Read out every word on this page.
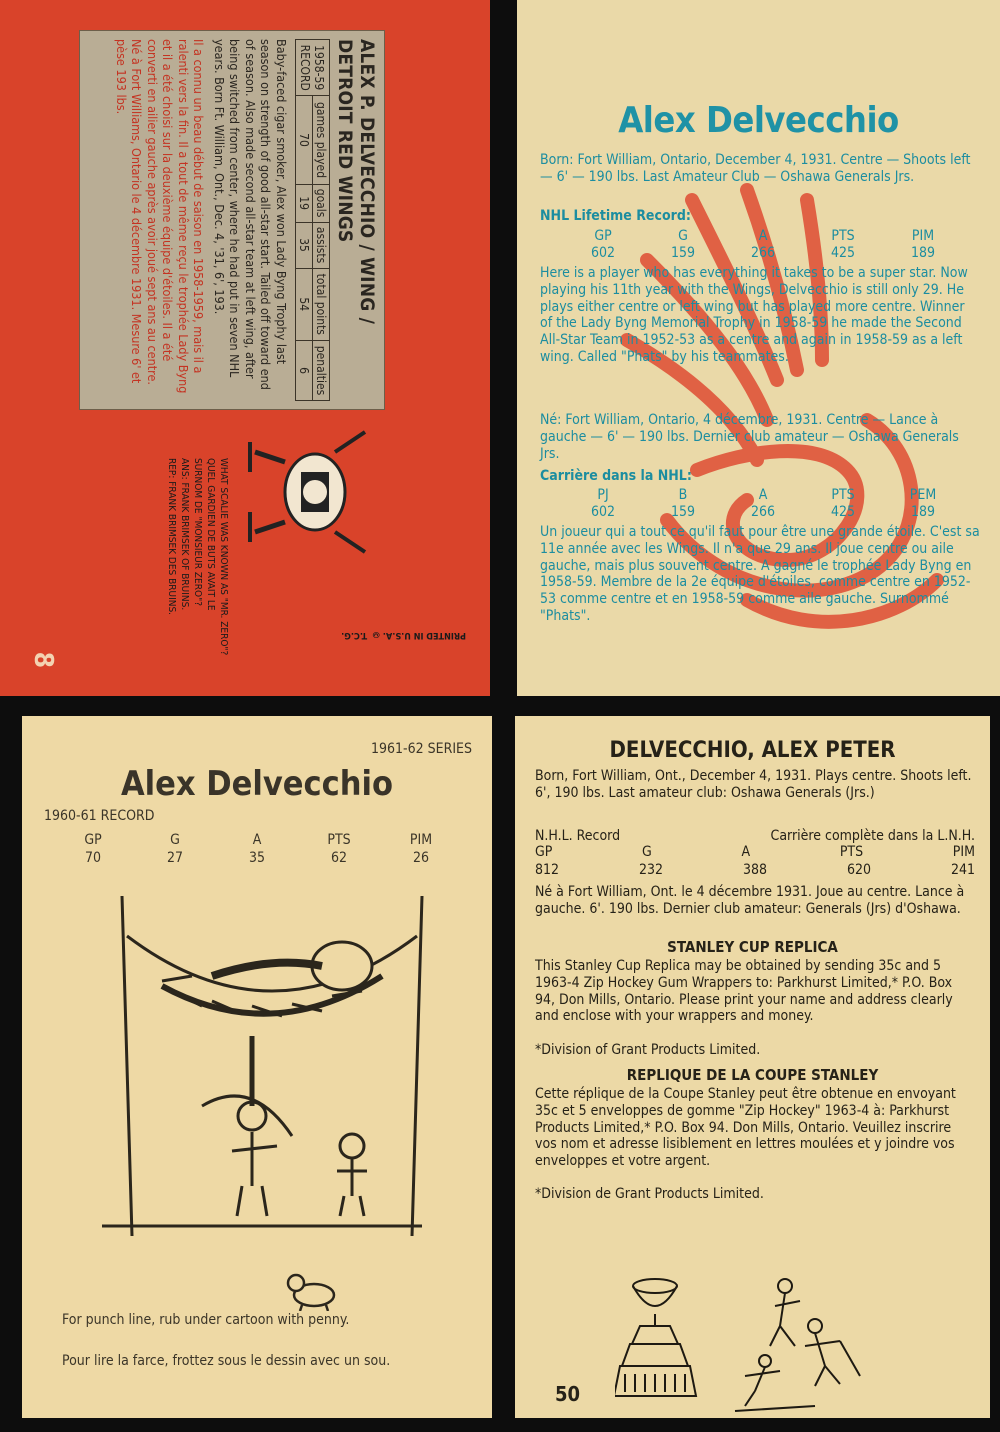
PRINTED IN U.S.A. © T.C.G.
ALEX P. DELVECCHIO / WING / DETROIT RED WINGS
1958-59
RECORD	games played	goals	assists	total points	penalties
	70	19	35	54	6
Baby-faced cigar smoker, Alex won Lady Byng Trophy last season on strength of good all-star start. Tailed off toward end of season. Also made second all-star team at left wing, after being switched from center, where he had put in seven NHL years. Born Ft. William, Ont., Dec. 4, '31, 6', 193.
Il a connu un beau début de saison en 1958-1959, mais il a ralenti vers la fin. Il a tout de même reçu le trophée Lady Byng et il a été choisi sur la deuxième équipe d'étoiles. Il a été converti en ailier gauche après avoir joué sept ans au centre. Né à Fort Williams, Ontario le 4 décembre 1931. Mesure 6' et pèse 193 lbs.
WHAT SCALIE WAS KNOWN AS "MR. ZERO"?
QUEL GARDIEN DE BUTS AVAIT LE
SURNOM DE "MONSIEUR ZERO"?
ANS: FRANK BRIMSEK OF BRUINS.
REP: FRANK BRIMSEK DES BRUINS.
8
Alex Delvecchio
Born: Fort William, Ontario, December 4, 1931. Centre — Shoots left — 6' — 190 lbs. Last Amateur Club — Oshawa Generals Jrs.
NHL Lifetime Record:
GP	G	A	PTS	PIM
602	159	266	425	189
Here is a player who has everything it takes to be a super star. Now playing his 11th year with the Wings, Delvecchio is still only 29. He plays either centre or left wing but has played more centre. Winner of the Lady Byng Memorial Trophy in 1958-59 he made the Second All-Star Team in 1952-53 as a centre and again in 1958-59 as a left wing. Called "Phats" by his teammates.
Né: Fort William, Ontario, 4 décembre, 1931. Centre — Lance à gauche — 6' — 190 lbs. Dernier club amateur — Oshawa Generals Jrs.
Carrière dans la NHL:
PJ	B	A	PTS	PEM
602	159	266	425	189
Un joueur qui a tout ce qu'il faut pour être une grande étoile. C'est sa 11e année avec les Wings. Il n'a que 29 ans. Il joue centre ou aile gauche, mais plus souvent centre. A gagné le trophée Lady Byng en 1958-59. Membre de la 2e équipe d'étoiles, comme centre en 1952-53 comme centre et en 1958-59 comme aile gauche. Surnommé "Phats".
1961-62 SERIES
Alex Delvecchio
1960-61 RECORD
GP	G	A	PTS	PIM
70	27	35	62	26
For punch line, rub under cartoon with penny.
Pour lire la farce, frottez sous le dessin avec un sou.
DELVECCHIO, ALEX PETER
Born, Fort William, Ont., December 4, 1931. Plays centre. Shoots left. 6', 190 lbs. Last amateur club: Oshawa Generals (Jrs.)
N.H.L. Record	Carrière complète dans la L.N.H.
GP	G	A	PTS	PIM
812	232	388	620	241
Né à Fort William, Ont. le 4 décembre 1931. Joue au centre. Lance à gauche. 6'. 190 lbs. Dernier club amateur: Generals (Jrs) d'Oshawa.
STANLEY CUP REPLICA
This Stanley Cup Replica may be obtained by sending 35c and 5 1963-4 Zip Hockey Gum Wrappers to: Parkhurst Limited,* P.O. Box 94, Don Mills, Ontario. Please print your name and address clearly and enclose with your wrappers and money.
*Division of Grant Products Limited.
REPLIQUE DE LA COUPE STANLEY
Cette réplique de la Coupe Stanley peut être obtenue en envoyant 35c et 5 enveloppes de gomme "Zip Hockey" 1963-4 à: Parkhurst Products Limited,* P.O. Box 94. Don Mills, Ontario. Veuillez inscrire vos nom et adresse lisiblement en lettres moulées et y joindre vos enveloppes et votre argent.
*Division de Grant Products Limited.
50
